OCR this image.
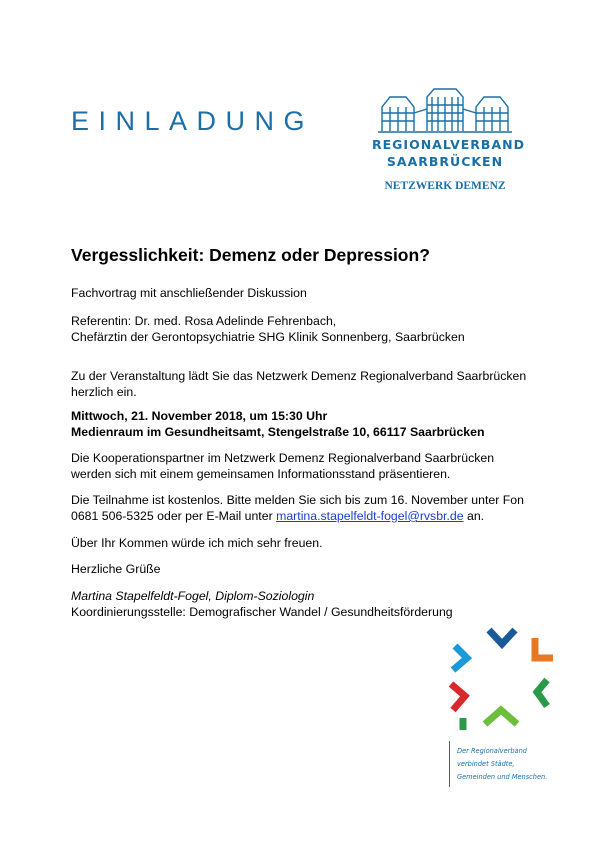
EINLADUNG
REGIONALVERBAND
SAARBRÜCKEN
NETZWERK DEMENZ
Vergesslichkeit: Demenz oder Depression?
Fachvortrag mit anschließender Diskussion
Referentin: Dr. med. Rosa Adelinde Fehrenbach,
Chefärztin der Gerontopsychiatrie SHG Klinik Sonnenberg, Saarbrücken
Zu der Veranstaltung lädt Sie das Netzwerk Demenz Regionalverband Saarbrücken
herzlich ein.
Mittwoch, 21. November 2018, um 15:30 Uhr
Medienraum im Gesundheitsamt, Stengelstraße 10, 66117 Saarbrücken
Die Kooperationspartner im Netzwerk Demenz Regionalverband Saarbrücken
werden sich mit einem gemeinsamen Informationsstand präsentieren.
Die Teilnahme ist kostenlos. Bitte melden Sie sich bis zum 16. November unter Fon
0681 506-5325 oder per E-Mail unter martina.stapelfeldt-fogel@rvsbr.de an.
Über Ihr Kommen würde ich mich sehr freuen.
Herzliche Grüße
Martina Stapelfeldt-Fogel, Diplom-Soziologin
Koordinierungsstelle: Demografischer Wandel / Gesundheitsförderung
Der Regionalverband
verbindet Städte,
Gemeinden und Menschen.
